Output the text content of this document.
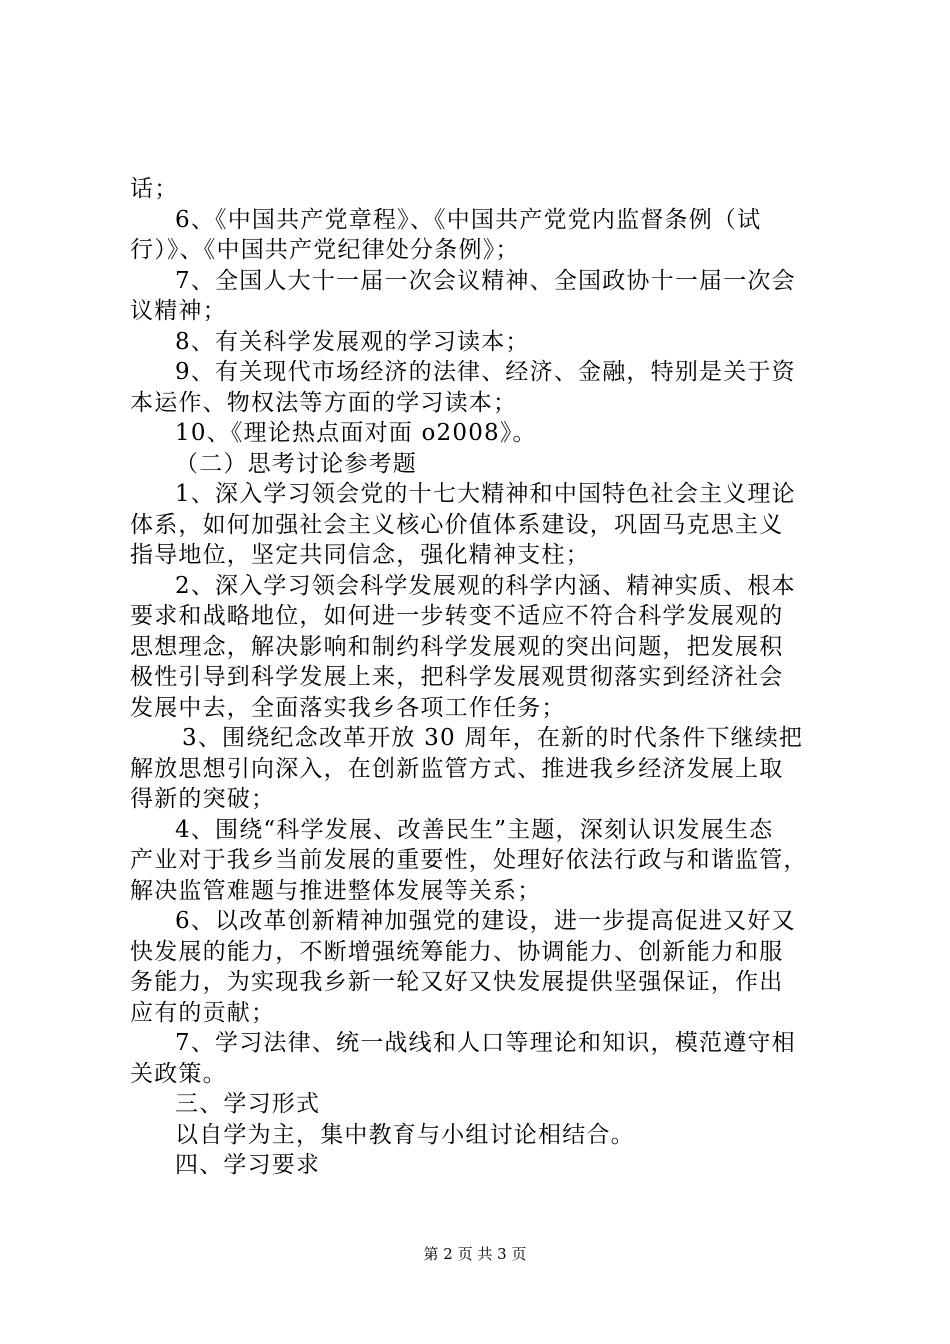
话；
6、《中国共产党章程》、《中国共产党党内监督条例（试
行）》、《中国共产党纪律处分条例》；
7、全国人大十一届一次会议精神、全国政协十一届一次会
议精神；
8、有关科学发展观的学习读本；
9、有关现代市场经济的法律、经济、金融，特别是关于资
本运作、物权法等方面的学习读本；
10、《理论热点面对面 o2008》。
（二）思考讨论参考题
1、深入学习领会党的十七大精神和中国特色社会主义理论
体系，如何加强社会主义核心价值体系建设，巩固马克思主义
指导地位，坚定共同信念，强化精神支柱；
2、深入学习领会科学发展观的科学内涵、精神实质、根本
要求和战略地位，如何进一步转变不适应不符合科学发展观的
思想理念，解决影响和制约科学发展观的突出问题，把发展积
极性引导到科学发展上来，把科学发展观贯彻落实到经济社会
发展中去，全面落实我乡各项工作任务；
3、围绕纪念改革开放 30 周年，在新的时代条件下继续把
解放思想引向深入，在创新监管方式、推进我乡经济发展上取
得新的突破；
4、围绕“科学发展、改善民生”主题，深刻认识发展生态
产业对于我乡当前发展的重要性，处理好依法行政与和谐监管，
解决监管难题与推进整体发展等关系；
6、以改革创新精神加强党的建设，进一步提高促进又好又
快发展的能力，不断增强统筹能力、协调能力、创新能力和服
务能力，为实现我乡新一轮又好又快发展提供坚强保证，作出
应有的贡献；
7、学习法律、统一战线和人口等理论和知识，模范遵守相
关政策。
三、学习形式
以自学为主，集中教育与小组讨论相结合。
四、学习要求
第 2 页 共 3 页
